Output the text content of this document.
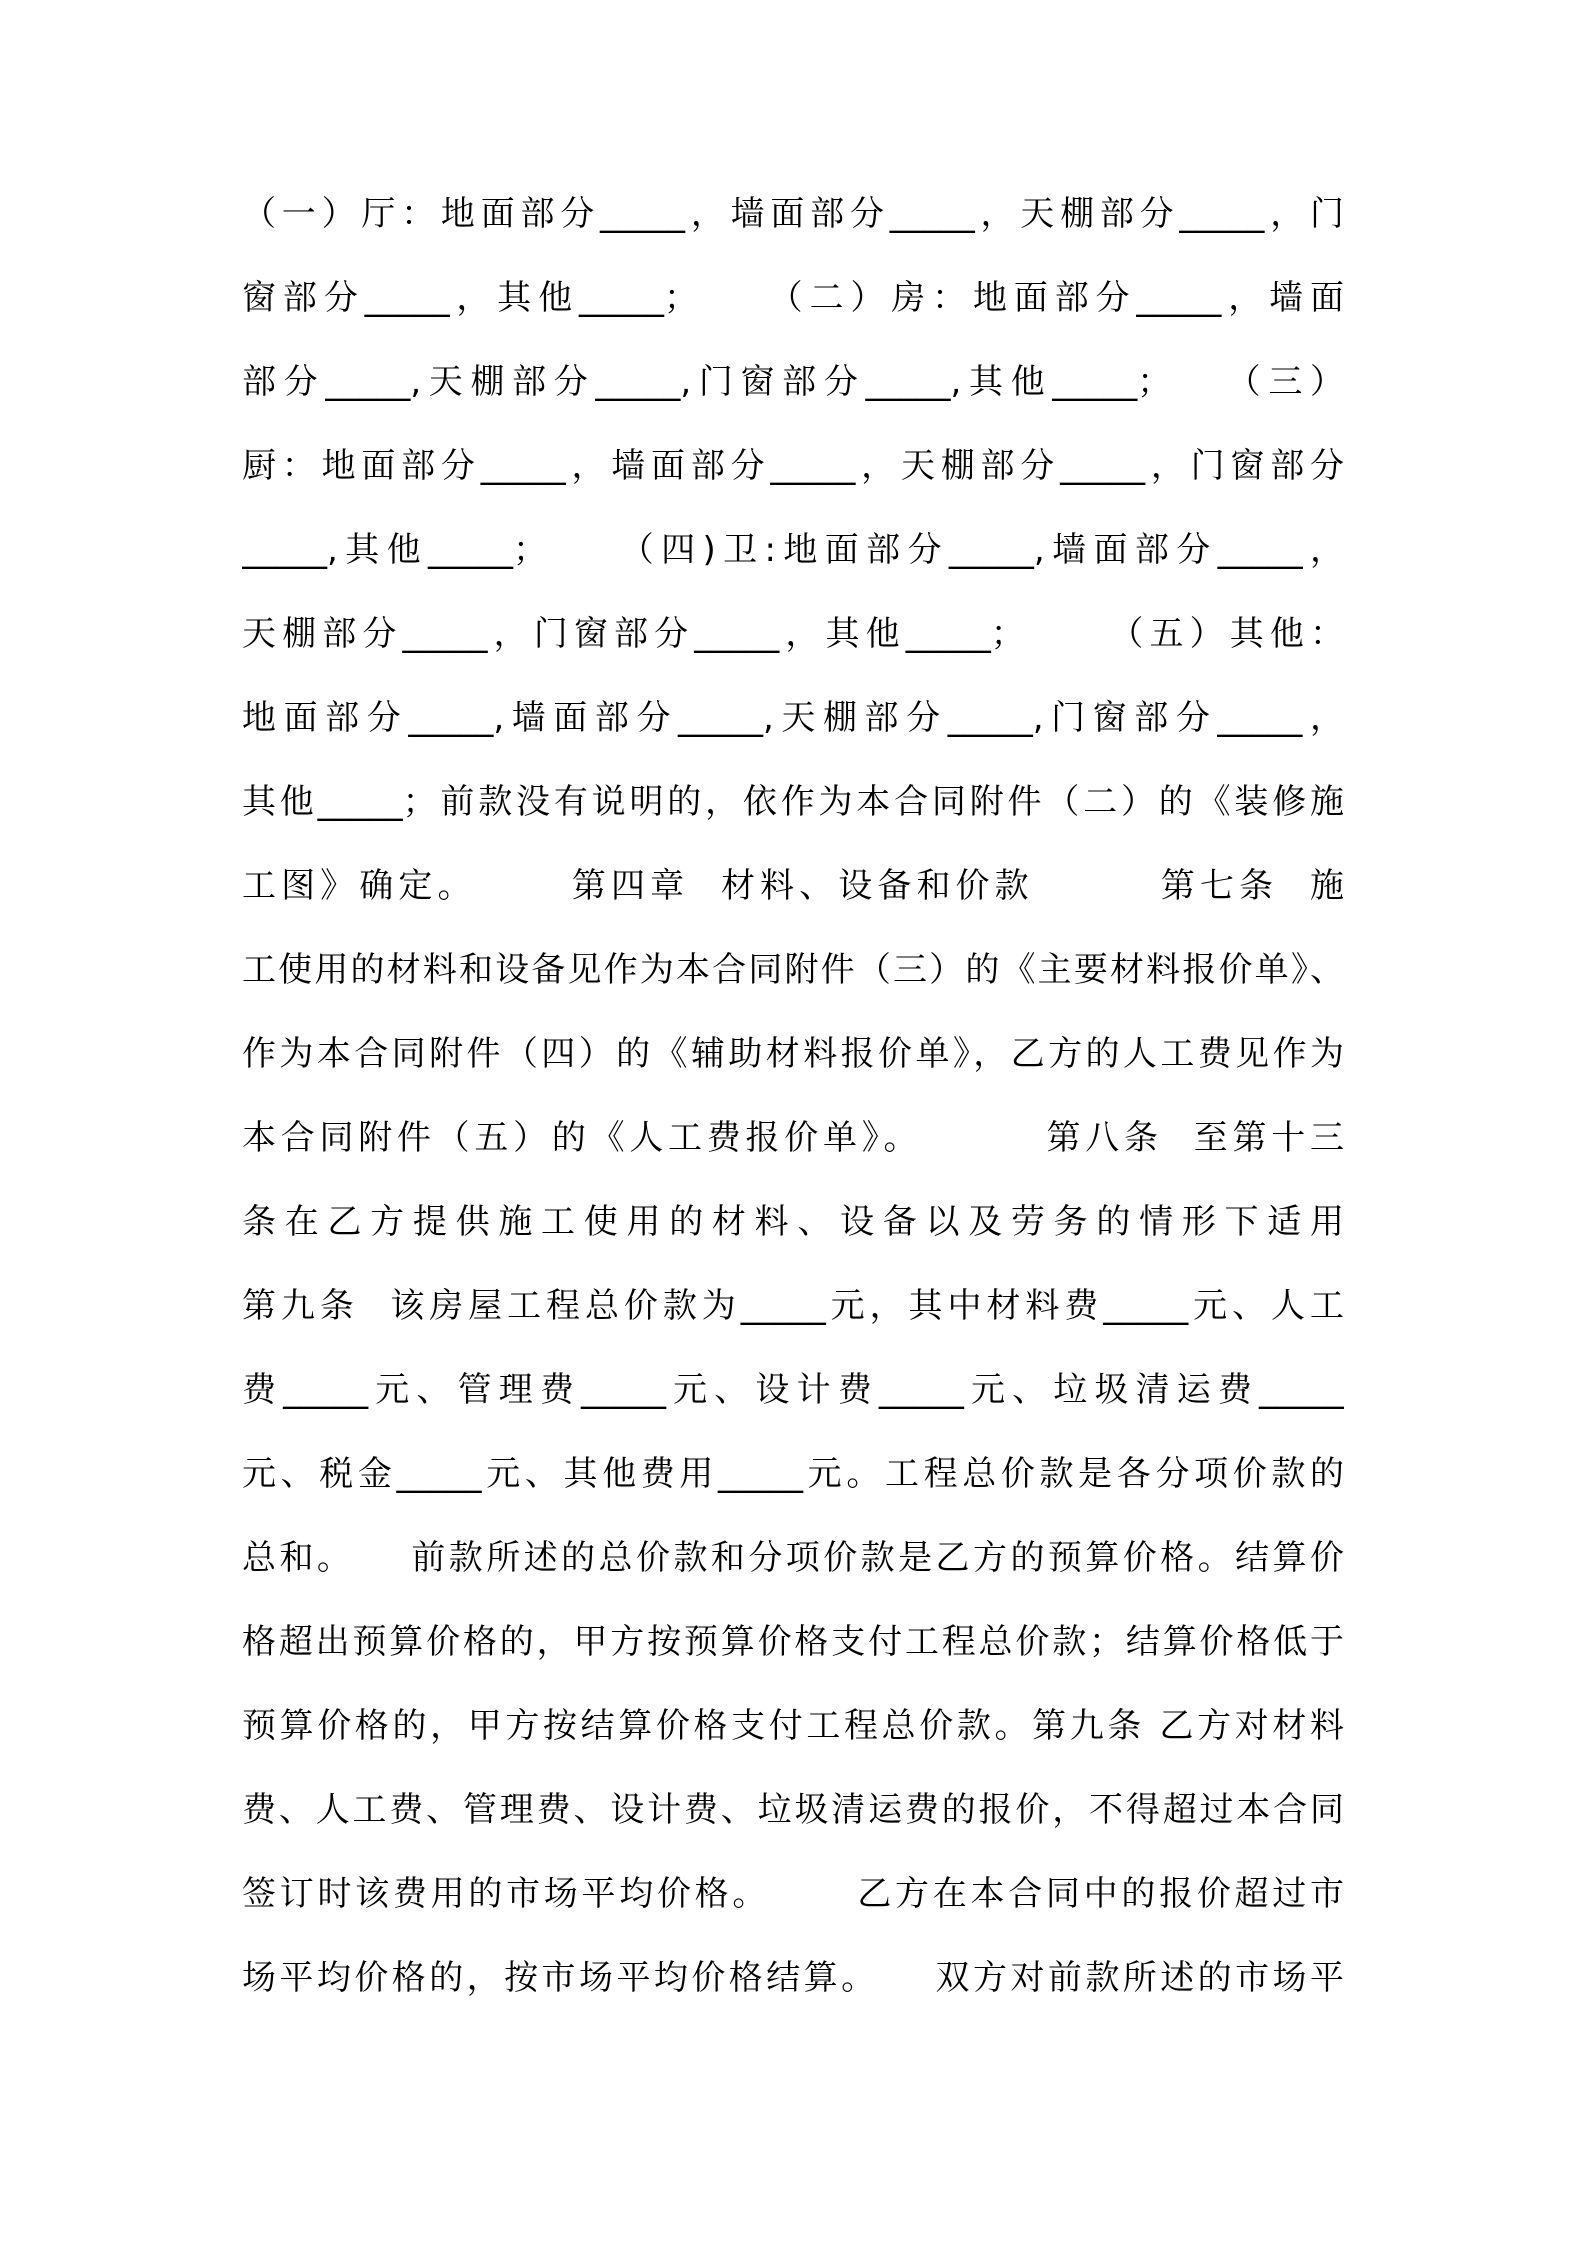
（一）厅：地面部分_____，墙面部分_____，天棚部分_____，门
窗部分_____，其他_____；    （二）房：地面部分_____，墙面
部分_____,天棚部分_____,门窗部分_____,其他_____；   （三）
厨：地面部分_____，墙面部分_____，天棚部分_____，门窗部分
_____,其他_____；    （四)卫:地面部分_____,墙面部分_____，
天棚部分_____，门窗部分_____，其他_____；     （五）其他：
地面部分_____,墙面部分_____,天棚部分_____,门窗部分_____，
其他_____；前款没有说明的，依作为本合同附件（二）的《装修施
工图》确定。      第四章  材料、设备和价款        第七条  施
工使用的材料和设备见作为本合同附件（三）的《主要材料报价单》、
作为本合同附件（四）的《辅助材料报价单》，乙方的人工费见作为
本合同附件（五）的《人工费报价单》。        第八条  至第十三
条在乙方提供施工使用的材料、设备以及劳务的情形下适用
第九条  该房屋工程总价款为_____元，其中材料费_____元、人工
费_____元、管理费_____元、设计费_____元、垃圾清运费_____
元、税金_____元、其他费用_____元。工程总价款是各分项价款的
总和。    前款所述的总价款和分项价款是乙方的预算价格。结算价
格超出预算价格的，甲方按预算价格支付工程总价款；结算价格低于
预算价格的，甲方按结算价格支付工程总价款。第九条 乙方对材料
费、人工费、管理费、设计费、垃圾清运费的报价，不得超过本合同
签订时该费用的市场平均价格。      乙方在本合同中的报价超过市
场平均价格的，按市场平均价格结算。    双方对前款所述的市场平
